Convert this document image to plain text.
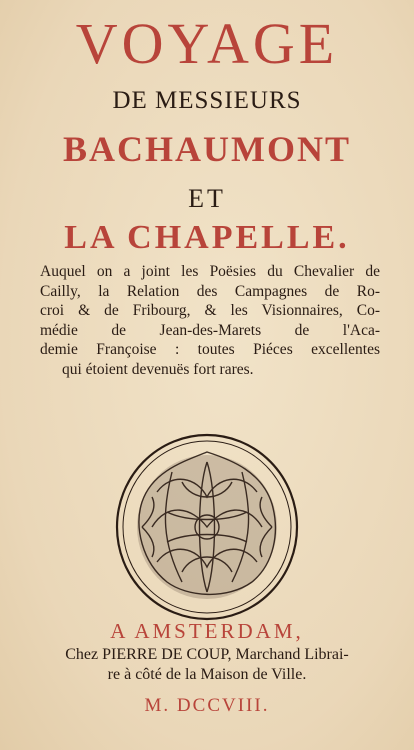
VOYAGE
DE MESSIEURS
BACHAUMONT
ET
LA CHAPELLE.
Auquel on a joint les Poësies du Chevalier de
Cailly, la Relation des Campagnes de Ro-
croi & de Fribourg, & les Visionnaires, Co-
médie de Jean-des-Marets de l'Aca-
demie Françoise : toutes Piéces excellentes
qui étoient devenuës fort rares.
A AMSTERDAM,
Chez PIERRE DE COUP, Marchand Librai-
re à côté de la Maison de Ville.
M. DCCVIII.
